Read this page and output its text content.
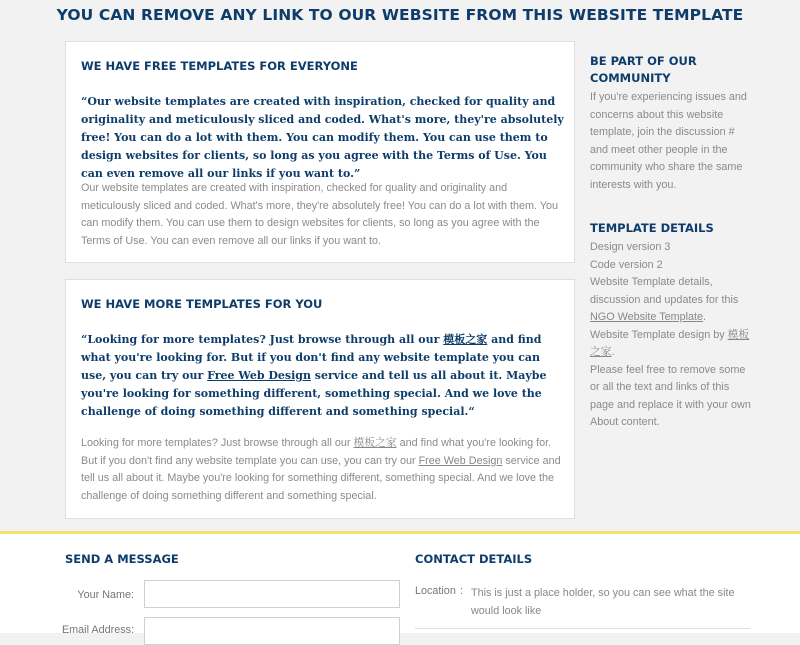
YOU CAN REMOVE ANY LINK TO OUR WEBSITE FROM THIS WEBSITE TEMPLATE
WE HAVE FREE TEMPLATES FOR EVERYONE

“Our website templates are created with inspiration, checked for quality and originality and meticulously sliced and coded. What's more, they're absolutely free! You can do a lot with them. You can modify them. You can use them to design websites for clients, so long as you agree with the Terms of Use. You can even remove all our links if you want to.”

Our website templates are created with inspiration, checked for quality and originality and meticulously sliced and coded. What's more, they're absolutely free! You can do a lot with them. You can modify them. You can use them to design websites for clients, so long as you agree with the Terms of Use. You can even remove all our links if you want to.

WE HAVE MORE TEMPLATES FOR YOU

“Looking for more templates? Just browse through all our 模板之家 and find what you're looking for. But if you don't find any website template you can use, you can try our Free Web Design service and tell us all about it. Maybe you're looking for something different, something special. And we love the challenge of doing something different and something special.“

Looking for more templates? Just browse through all our 模板之家 and find what you're looking for. But if you don't find any website template you can use, you can try our Free Web Design service and tell us all about it. Maybe you're looking for something different, something special. And we love the challenge of doing something different and something special.

BE PART OF OUR COMMUNITY

If you're experiencing issues and concerns about this website template, join the discussion # and meet other people in the community who share the same interests with you.

TEMPLATE DETAILS

Design version 3

Code version 2

Website Template details, discussion and updates for this NGO Website Template.

Website Template design by 模板之家.

Please feel free to remove some or all the text and links of this page and replace it with your own About content.

SEND A MESSAGE
Your Name:
Email Address:
CONTACT DETAILS
Location : This is just a place holder, so you can see what the site would look like
